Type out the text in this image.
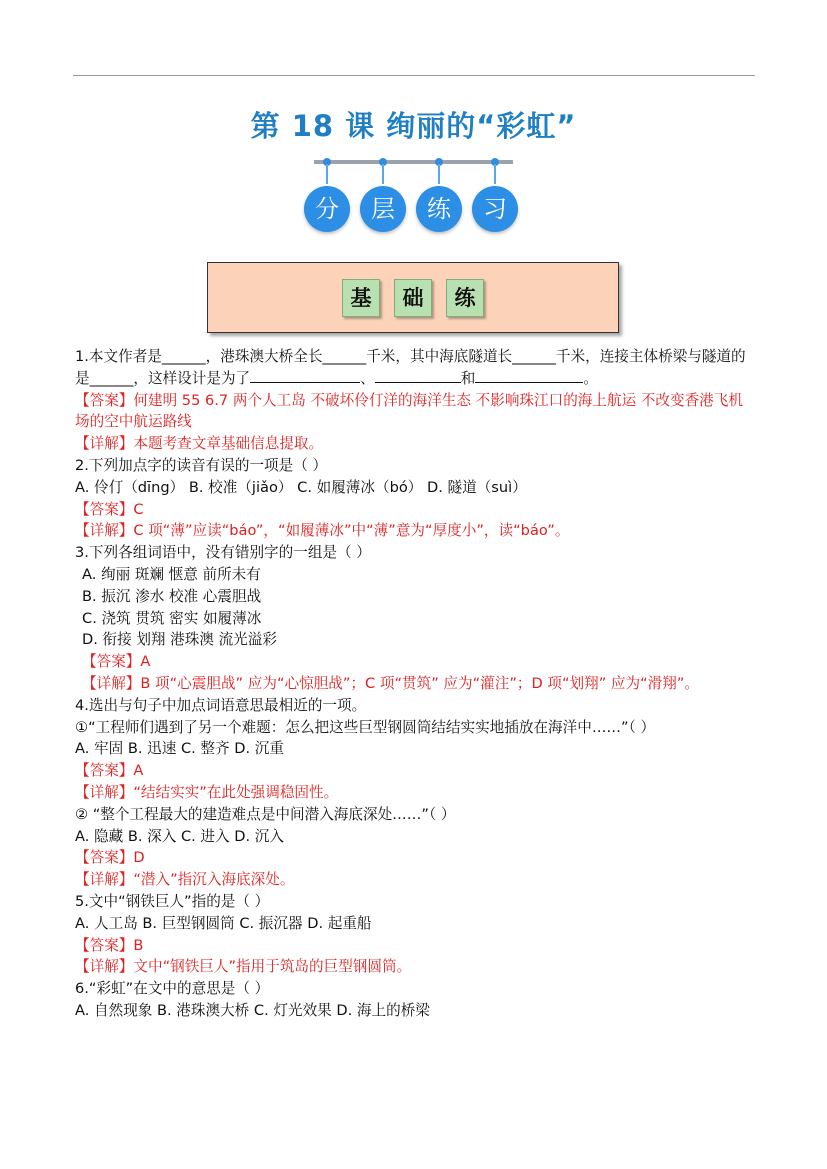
第 18 课 绚丽的“彩虹”
分	层	练	习
基	础	练

1.本文作者是______，港珠澳大桥全长______千米，其中海底隧道长______千米，连接主体桥梁与隧道的是______，这样设计是为了	、	和	。

【答案】何建明 55 6.7 两个人工岛 不破坏伶仃洋的海洋生态 不影响珠江口的海上航运 不改变香港飞机场的空中航运路线

【详解】本题考查文章基础信息提取。

2.下列加点字的读音有误的一项是（ ）

A. 伶仃（dīng） B. 校准（jiǎo） C. 如履薄冰（bó） D. 隧道（suì）

【答案】C

【详解】C 项“薄”应读“báo”，“如履薄冰”中“薄”意为“厚度小”，读“báo”。

3.下列各组词语中，没有错别字的一组是（ ）

A. 绚丽 斑斓 惬意 前所未有

B. 振沉 渗水 校准 心震胆战

C. 浇筑 贯筑 密实 如履薄冰

D. 衔接 划翔 港珠澳 流光溢彩

【答案】A

【详解】B 项“心震胆战” 应为“心惊胆战”；C 项“贯筑” 应为“灌注”；D 项“划翔” 应为“滑翔”。

4.选出与句子中加点词语意思最相近的一项。

①“工程师们遇到了另一个难题：怎么把这些巨型钢圆筒结结实实地插放在海洋中……”（ ）

A. 牢固 B. 迅速 C. 整齐 D. 沉重

【答案】A

【详解】“结结实实”在此处强调稳固性。

② “整个工程最大的建造难点是中间潜入海底深处……”（ ）

A. 隐藏 B. 深入 C. 进入 D. 沉入

【答案】D

【详解】“潜入”指沉入海底深处。

5.文中“钢铁巨人”指的是（ ）

A. 人工岛 B. 巨型钢圆筒 C. 振沉器 D. 起重船

【答案】B

【详解】文中“钢铁巨人”指用于筑岛的巨型钢圆筒。

6.“彩虹”在文中的意思是（ ）

A. 自然现象 B. 港珠澳大桥 C. 灯光效果 D. 海上的桥梁
